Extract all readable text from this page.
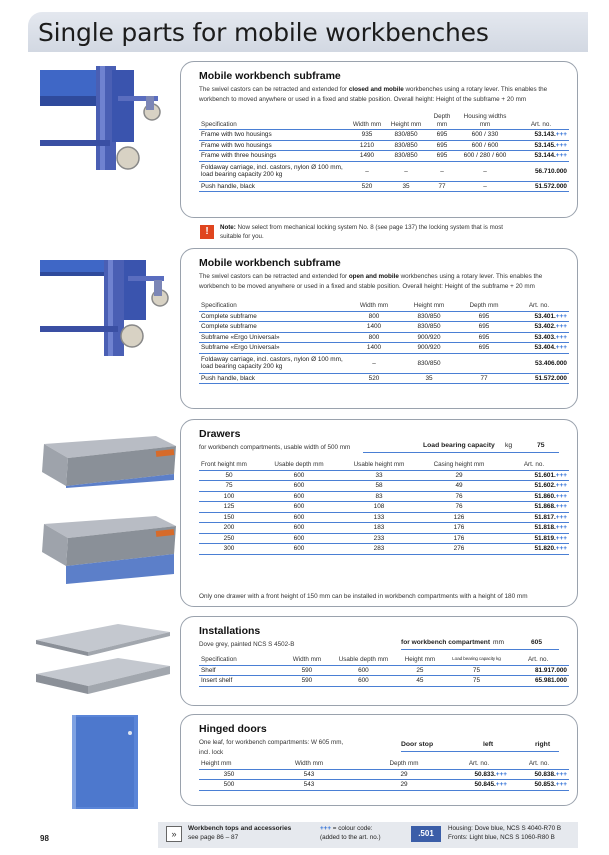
Single parts for mobile workbenches
Mobile workbench subframe
The swivel castors can be retracted and extended for closed and mobile workbenches using a rotary lever. This enables the workbench to moved anywhere or used in a fixed and stable position. Overall height: Height of the subframe + 20 mm
Specification	Width mm	Height mm	Depth mm	Housing widths mm	Art. no.
Frame with two housings	935	830/850	695	600 / 330	53.143.+++
Frame with two housings	1210	830/850	695	600 / 600	53.145.+++
Frame with three housings	1490	830/850	695	600 / 280 / 600	53.144.+++
Foldaway carriage, incl. castors, nylon Ø 100 mm, load bearing capacity 200 kg	–	–	–	–	56.710.000
Push handle, black	520	35	77	–	51.572.000
!	Note: Now select from mechanical locking system No. 8 (see page 137) the locking system that is most suitable for you.
Mobile workbench subframe
The swivel castors can be retracted and extended for open and mobile workbenches using a rotary lever. This enables the workbench to be moved anywhere or used in a fixed and stable position. Overall height: Height of the subframe + 20 mm
Specification	Width mm	Height mm	Depth mm	Art. no.
Complete subframe	800	830/850	695	53.401.+++
Complete subframe	1400	830/850	695	53.402.+++
Subframe «Ergo Universal»	800	900/920	695	53.403.+++
Subframe «Ergo Universal»	1400	900/920	695	53.404.+++
Foldaway carriage, incl. castors, nylon Ø 100 mm, load bearing capacity 200 kg	–	830/850		53.406.000
Push handle, black	520	35	77	51.572.000
Drawers
for workbench compartments, usable width of 500 mm	Load bearing capacity kg	75
Front height mm	Usable depth mm	Usable height mm	Casing height mm	Art. no.
50	600	33	29	51.601.+++
75	600	58	49	51.602.+++
100	600	83	76	51.860.+++
125	600	108	76	51.868.+++
150	600	133	126	51.817.+++
200	600	183	176	51.818.+++
250	600	233	176	51.819.+++
300	600	283	276	51.820.+++
Only one drawer with a front height of 150 mm can be installed in workbench compartments with a height of 180 mm
Installations
Dove grey, painted NCS S 4502-B	for workbench compartment mm	605
Specification	Width mm	Usable depth mm	Height mm	Load bearing capacity kg	Art. no.
Shelf	590	600	25	75	81.917.000
Insert shelf	590	600	45	75	65.981.000
Hinged doors
One leaf, for workbench compartments: W 605 mm, incl. lock
Door stop	left	right
Height mm	Width mm	Depth mm	Art. no.	Art. no.
350	543	29	50.833.+++	50.838.+++
500	543	29	50.845.+++	50.853.+++
98	»
Workbench tops and accessories
see page 86 – 87
+++ = colour code:
(added to the art. no.)	.501
Housing: Dove blue, NCS S 4040-R70 B
Fronts: Light blue, NCS S 1060-R80 B
